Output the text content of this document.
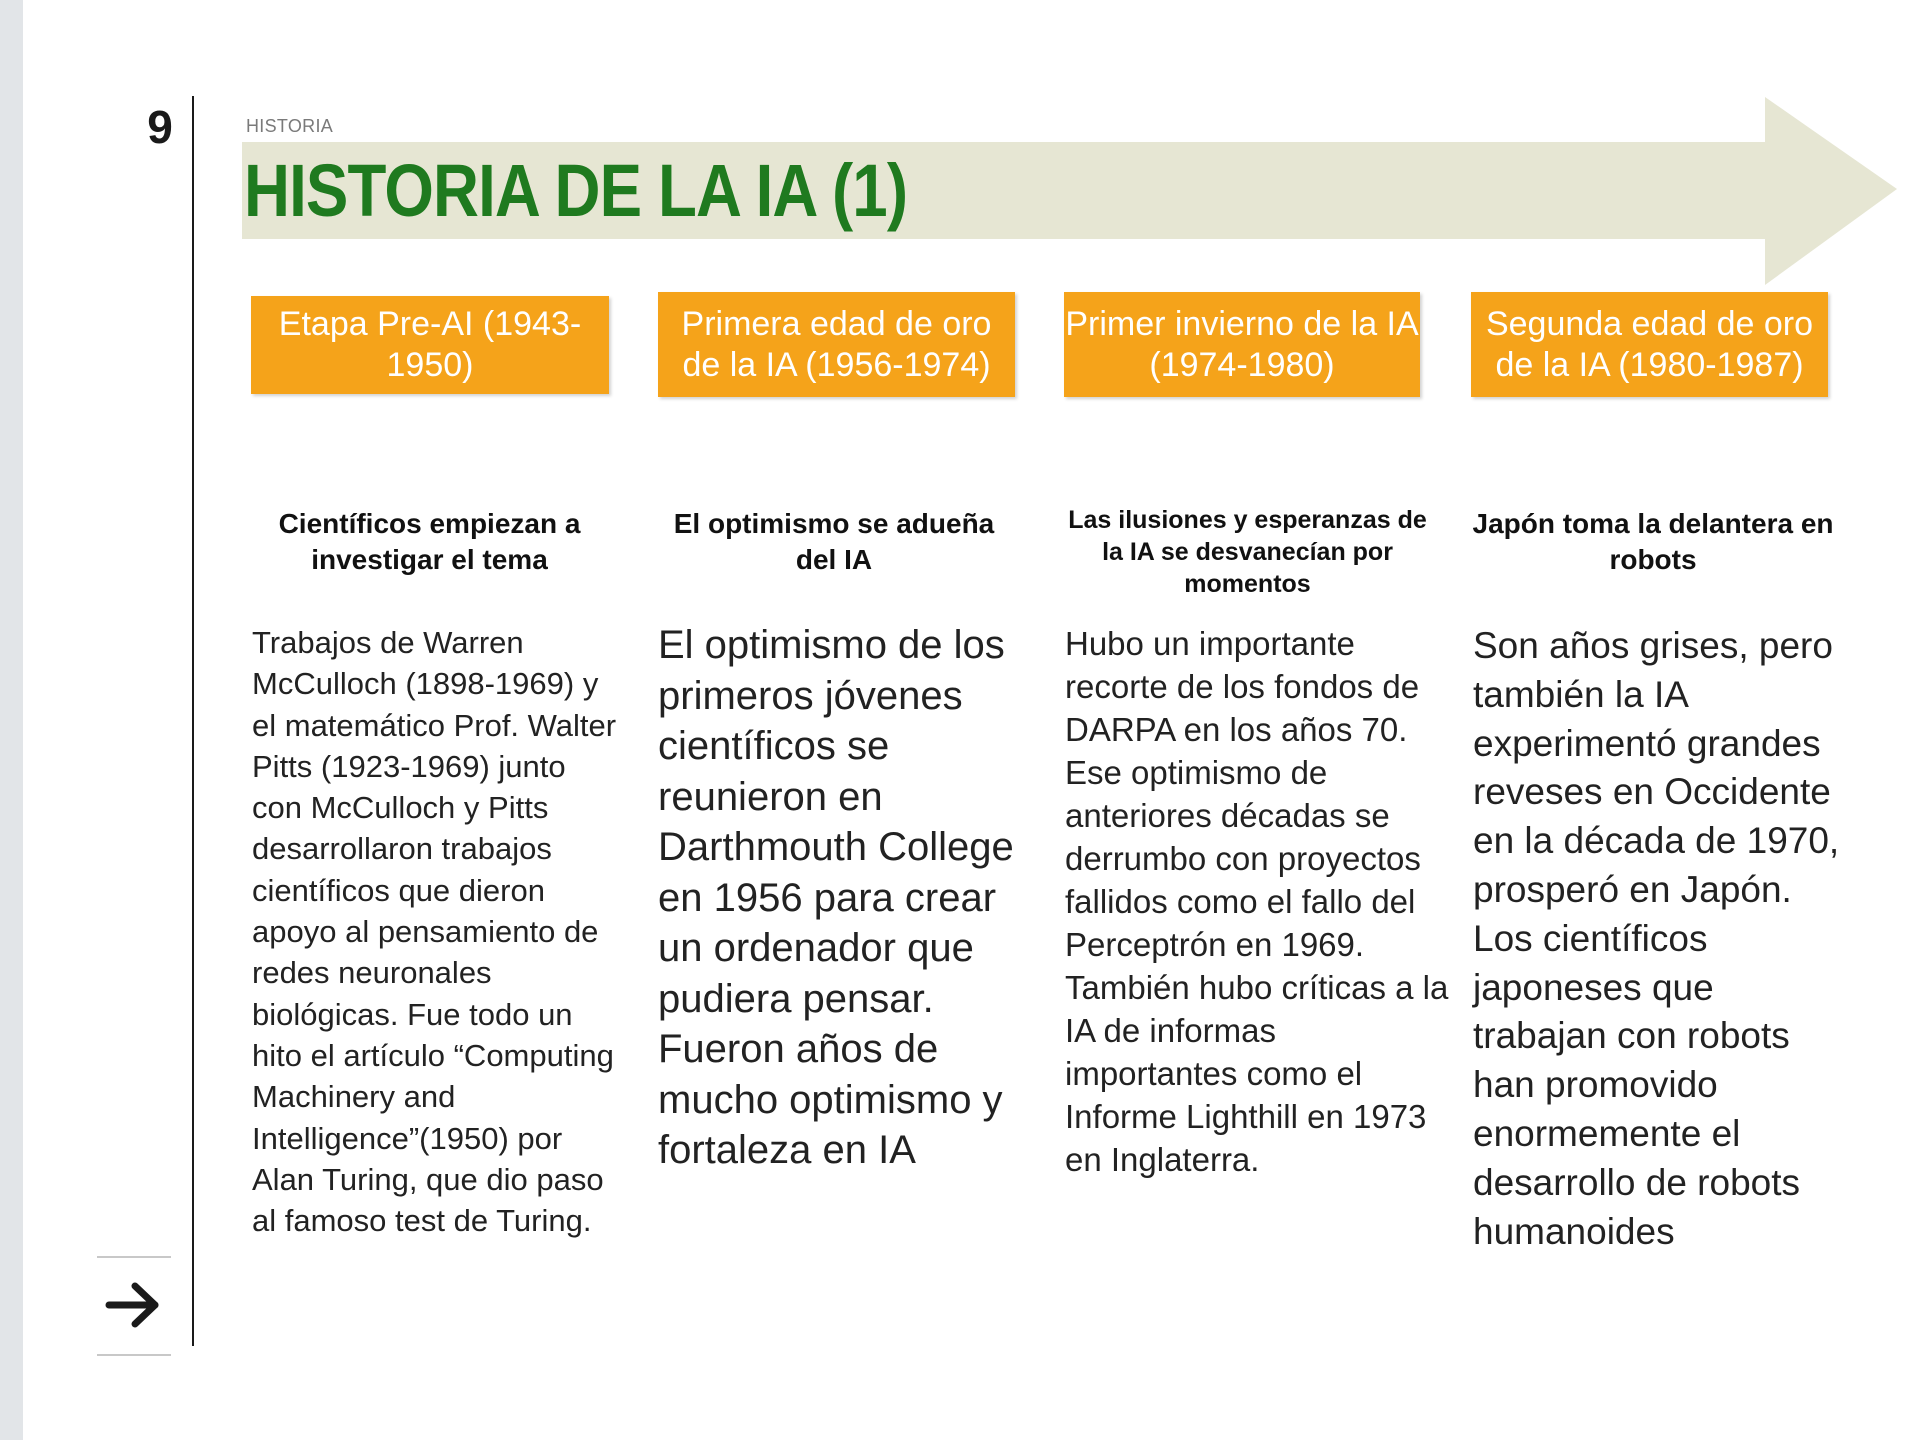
9	HISTORIA
HISTORIA DE LA IA (1)
Etapa Pre-AI (1943-1950)
Primera edad de oro de la IA (1956-1974)
Primer invierno de la IA (1974-1980)
Segunda edad de oro de la IA (1980-1987)
Científicos empiezan a investigar el tema
El optimismo se adueña del IA
Las ilusiones y esperanzas de la IA se desvanecían por momentos
Japón toma la delantera en robots
Trabajos de Warren McCulloch (1898-1969) y el matemático Prof. Walter Pitts (1923-1969) junto con McCulloch y Pitts desarrollaron trabajos científicos que dieron apoyo al pensamiento de redes neuronales biológicas. Fue todo un hito el artículo “Computing Machinery and Intelligence”(1950) por Alan Turing, que dio paso al famoso test de Turing.
El optimismo de los primeros jóvenes científicos se reunieron en Darthmouth College en 1956 para crear un ordenador que pudiera pensar. Fueron años de mucho optimismo y fortaleza en IA
Hubo un importante recorte de los fondos de DARPA en los años 70. Ese optimismo de anteriores décadas se derrumbo con proyectos fallidos como el fallo del Perceptrón en 1969. También hubo críticas a la IA de informas importantes como el Informe Lighthill en 1973 en Inglaterra.
Son años grises, pero también la IA experimentó grandes reveses en Occidente en la década de 1970, prosperó en Japón. Los científicos japoneses que trabajan con robots han promovido enormemente el desarrollo de robots humanoides
